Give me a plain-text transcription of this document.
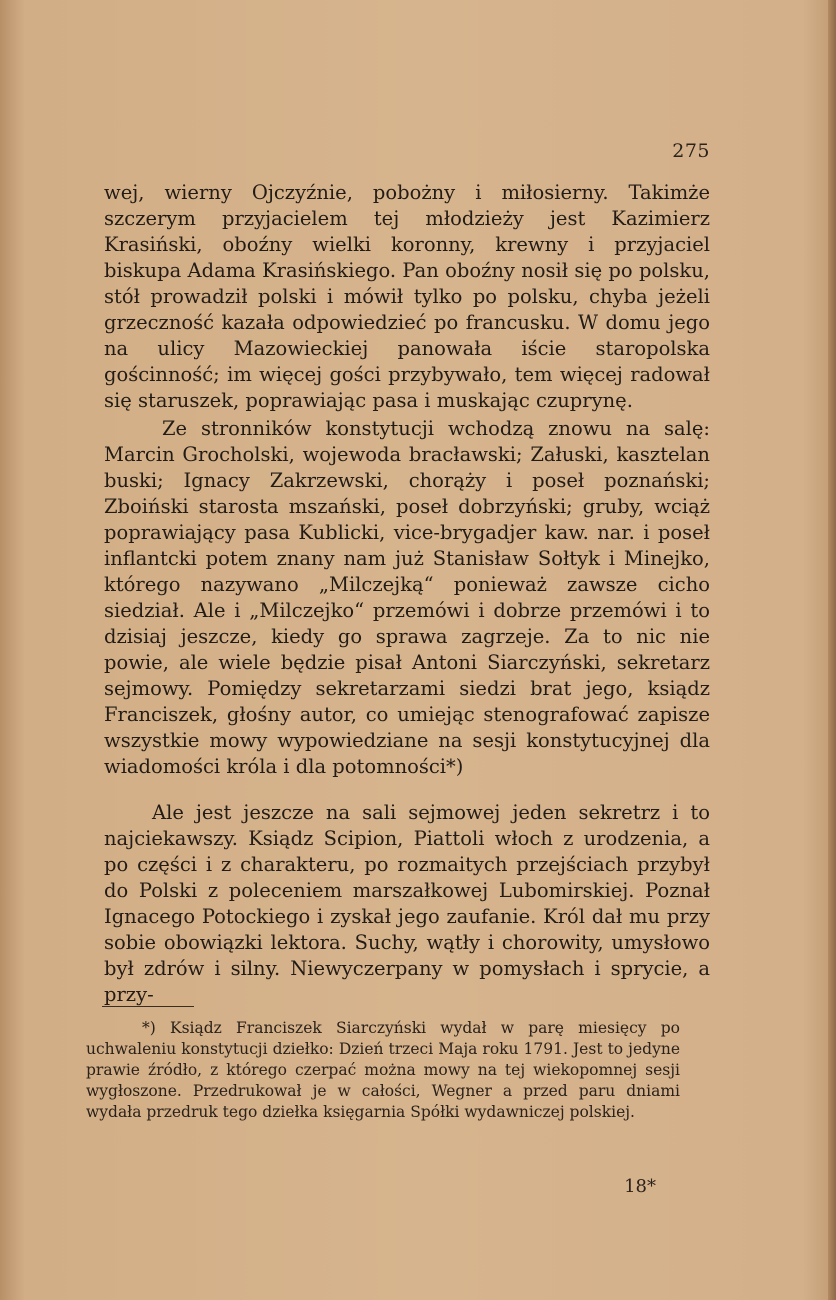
275

wej, wierny Ojczyźnie, pobożny i miłosierny. Takimże szczerym przyjacielem tej młodzieży jest Kazimierz Krasiński, oboźny wielki koronny, krewny i przyjaciel biskupa Adama Krasińskiego. Pan oboźny nosił się po polsku, stół prowadził polski i mówił tylko po polsku, chyba jeżeli grzeczność kazała odpowiedzieć po francusku. W domu jego na ulicy Mazowieckiej panowała iście staropolska gościnność; im więcej gości przybywało, tem więcej radował się staruszek, poprawiając pasa i muskając czuprynę.

Ze stronników konstytucji wchodzą znowu na salę: Marcin Grocholski, wojewoda bracławski; Załuski, kasztelan buski; Ignacy Zakrzewski, chorąży i poseł poznański; Zboiński starosta mszański, poseł dobrzyński; gruby, wciąż poprawiający pasa Kublicki, vice-brygadjer kaw. nar. i poseł inflantcki potem znany nam już Stanisław Sołtyk i Minejko, którego nazywano „Milczejką“ ponieważ zawsze cicho siedział. Ale i „Milczejko“ przemówi i dobrze przemówi i to dzisiaj jeszcze, kiedy go sprawa zagrzeje. Za to nic nie powie, ale wiele będzie pisał Antoni Siarczyński, sekretarz sejmowy. Pomiędzy sekretarzami siedzi brat jego, ksiądz Franciszek, głośny autor, co umiejąc stenografować zapisze wszystkie mowy wypowiedziane na sesji konstytucyjnej dla wiadomości króla i dla potomności*)

Ale jest jeszcze na sali sejmowej jeden sekretrz i to najciekawszy. Ksiądz Scipion, Piattoli włoch z urodzenia, a po części i z charakteru, po rozmaitych przejściach przybył do Polski z poleceniem marszałkowej Lubomirskiej. Poznał Ignacego Potockiego i zyskał jego zaufanie. Król dał mu przy sobie obowiązki lektora. Suchy, wątły i chorowity, umysłowo był zdrów i silny. Niewyczerpany w pomysłach i sprycie, a przy-

*) Ksiądz Franciszek Siarczyński wydał w parę miesięcy po uchwaleniu konstytucji dziełko: Dzień trzeci Maja roku 1791. Jest to jedyne prawie źródło, z którego czerpać można mowy na tej wiekopomnej sesji wygłoszone. Przedrukował je w całości, Wegner a przed paru dniami wydała przedruk tego dziełka księgarnia Spółki wydawniczej polskiej.

18*
